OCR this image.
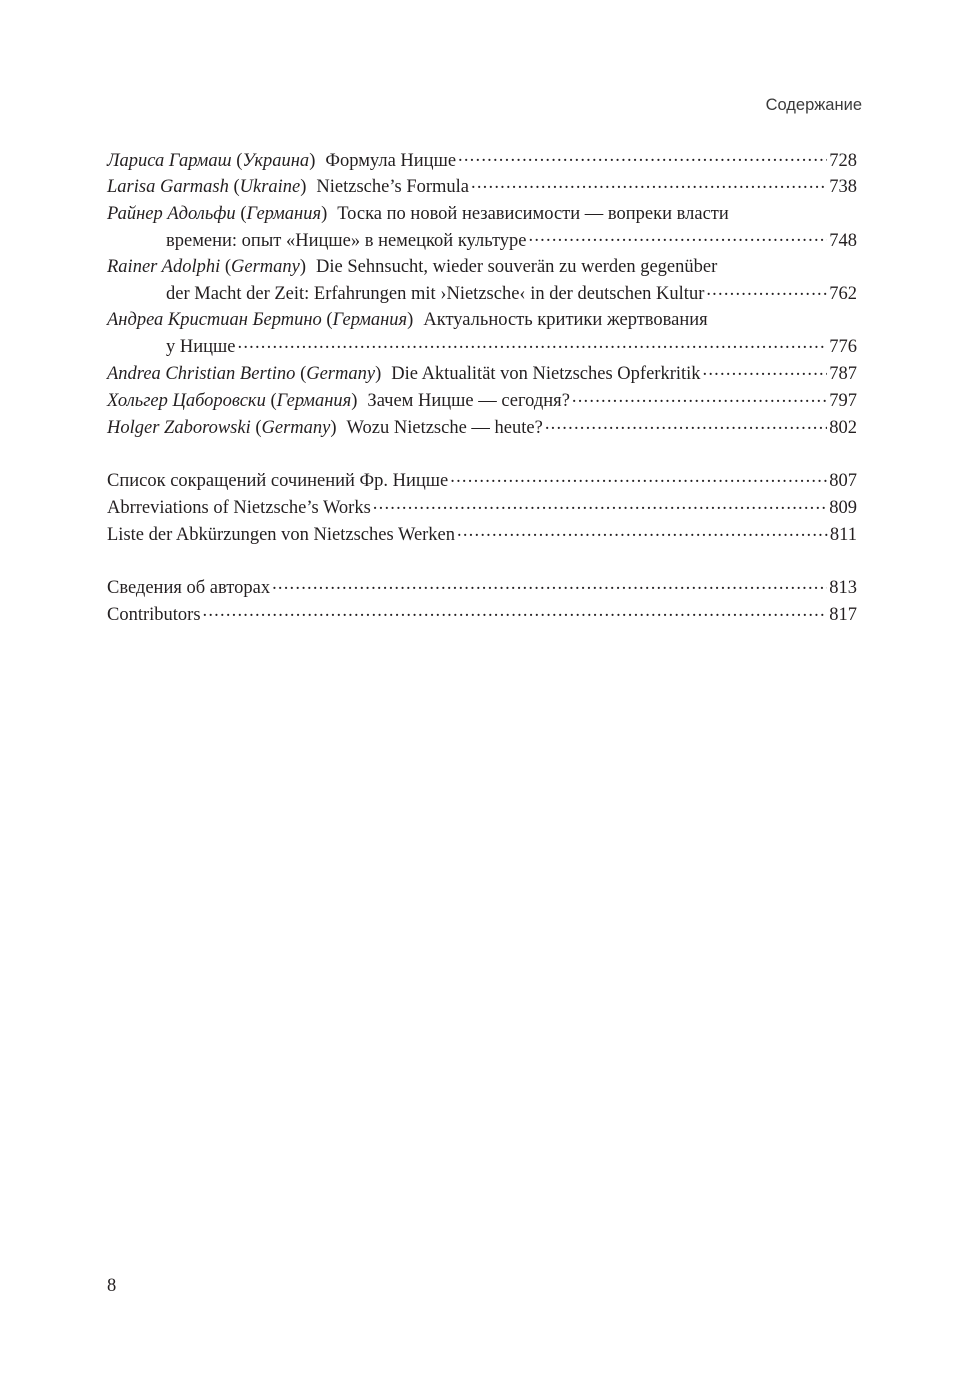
Содержание
Лариса Гармаш (Украина) Формула Ницше .....	728
Larisa Garmash (Ukraine) Nietzsche’s Formula .....	738
Райнер Адольфи (Германия) Тоска по новой независимости — вопреки власти
времени: опыт «Ницше» в немецкой культуре .....	748
Rainer Adolphi (Germany) Die Sehnsucht, wieder souverän zu werden gegenüber
der Macht der Zeit: Erfahrungen mit ›Nietzsche‹ in der deutschen Kultur .....	762
Андреа Кристиан Бертино (Германия) Актуальность критики жертвования
у Ницше .....	776
Andrea Christian Bertino (Germany) Die Aktualität von Nietzsches Opferkritik .....	787
Хольгер Цаборовски (Германия) Зачем Ницше — сегодня? .....	797
Holger Zaborowski (Germany) Wozu Nietzsche — heute? .....	802
Список сокращений сочинений Фр. Ницше .....	807
Abrreviations of Nietzsche’s Works .....	809
Liste der Abkürzungen von Nietzsches Werken .....	811
Сведения об авторах .....	813
Contributors .....	817
8
